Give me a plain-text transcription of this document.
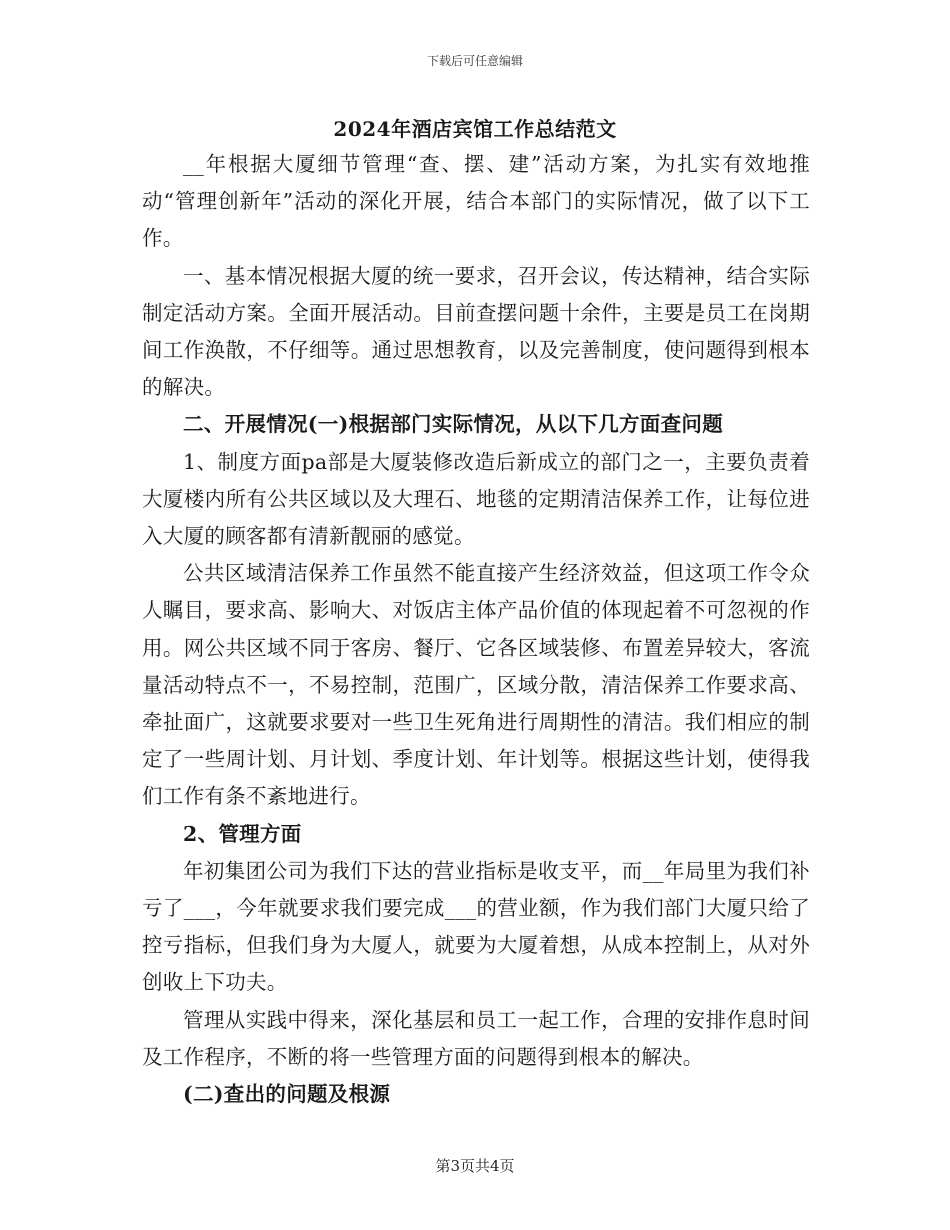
下载后可任意编辑
2024年酒店宾馆工作总结范文

__年根据大厦细节管理“查、摆、建”活动方案，为扎实有效地推动“管理创新年”活动的深化开展，结合本部门的实际情况，做了以下工作。

一、基本情况根据大厦的统一要求，召开会议，传达精神，结合实际制定活动方案。全面开展活动。目前查摆问题十余件，主要是员工在岗期间工作涣散，不仔细等。通过思想教育，以及完善制度，使问题得到根本的解决。

二、开展情况(一)根据部门实际情况，从以下几方面查问题

1、制度方面pa部是大厦装修改造后新成立的部门之一，主要负责着大厦楼内所有公共区域以及大理石、地毯的定期清洁保养工作，让每位进入大厦的顾客都有清新靓丽的感觉。

公共区域清洁保养工作虽然不能直接产生经济效益，但这项工作令众人瞩目，要求高、影响大、对饭店主体产品价值的体现起着不可忽视的作用。网公共区域不同于客房、餐厅、它各区域装修、布置差异较大，客流量活动特点不一，不易控制，范围广，区域分散，清洁保养工作要求高、牵扯面广，这就要求要对一些卫生死角进行周期性的清洁。我们相应的制定了一些周计划、月计划、季度计划、年计划等。根据这些计划，使得我们工作有条不紊地进行。

2、管理方面

年初集团公司为我们下达的营业指标是收支平，而__年局里为我们补亏了___，今年就要求我们要完成___的营业额，作为我们部门大厦只给了控亏指标，但我们身为大厦人，就要为大厦着想，从成本控制上，从对外创收上下功夫。

管理从实践中得来，深化基层和员工一起工作，合理的安排作息时间及工作程序，不断的将一些管理方面的问题得到根本的解决。

(二)查出的问题及根源

第3页共4页
